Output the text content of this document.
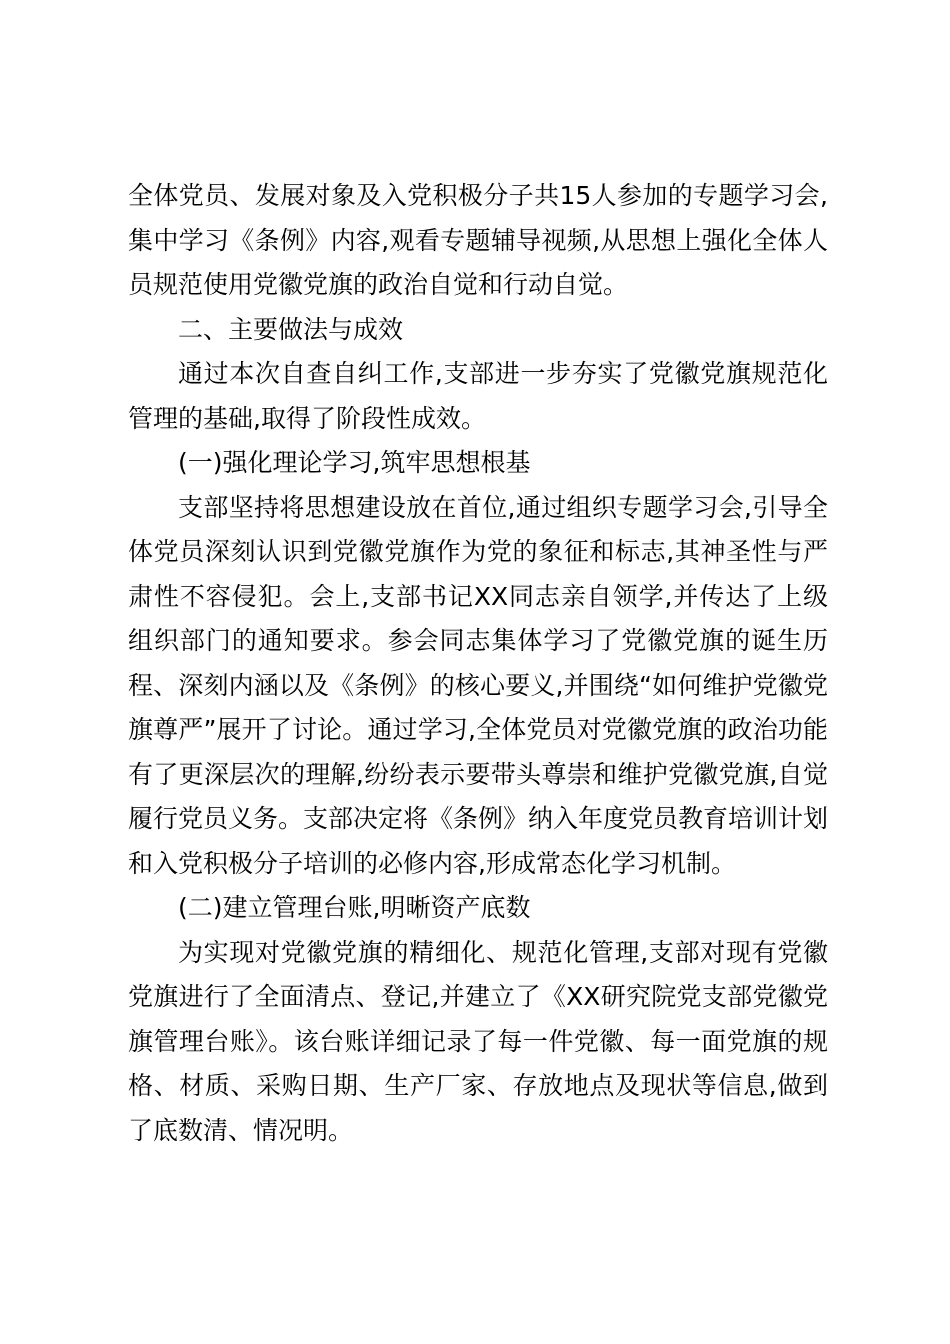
全体党员、发展对象及入党积极分子共15人参加的专题学习会,集中学习《条例》内容,观看专题辅导视频,从思想上强化全体人员规范使用党徽党旗的政治自觉和行动自觉。

二、主要做法与成效

通过本次自查自纠工作,支部进一步夯实了党徽党旗规范化管理的基础,取得了阶段性成效。

(一)强化理论学习,筑牢思想根基

支部坚持将思想建设放在首位,通过组织专题学习会,引导全体党员深刻认识到党徽党旗作为党的象征和标志,其神圣性与严肃性不容侵犯。会上,支部书记XX同志亲自领学,并传达了上级组织部门的通知要求。参会同志集体学习了党徽党旗的诞生历程、深刻内涵以及《条例》的核心要义,并围绕“如何维护党徽党旗尊严”展开了讨论。通过学习,全体党员对党徽党旗的政治功能有了更深层次的理解,纷纷表示要带头尊崇和维护党徽党旗,自觉履行党员义务。支部决定将《条例》纳入年度党员教育培训计划和入党积极分子培训的必修内容,形成常态化学习机制。

(二)建立管理台账,明晰资产底数

为实现对党徽党旗的精细化、规范化管理,支部对现有党徽党旗进行了全面清点、登记,并建立了《XX研究院党支部党徽党旗管理台账》。该台账详细记录了每一件党徽、每一面党旗的规格、材质、采购日期、生产厂家、存放地点及现状等信息,做到了底数清、情况明。
